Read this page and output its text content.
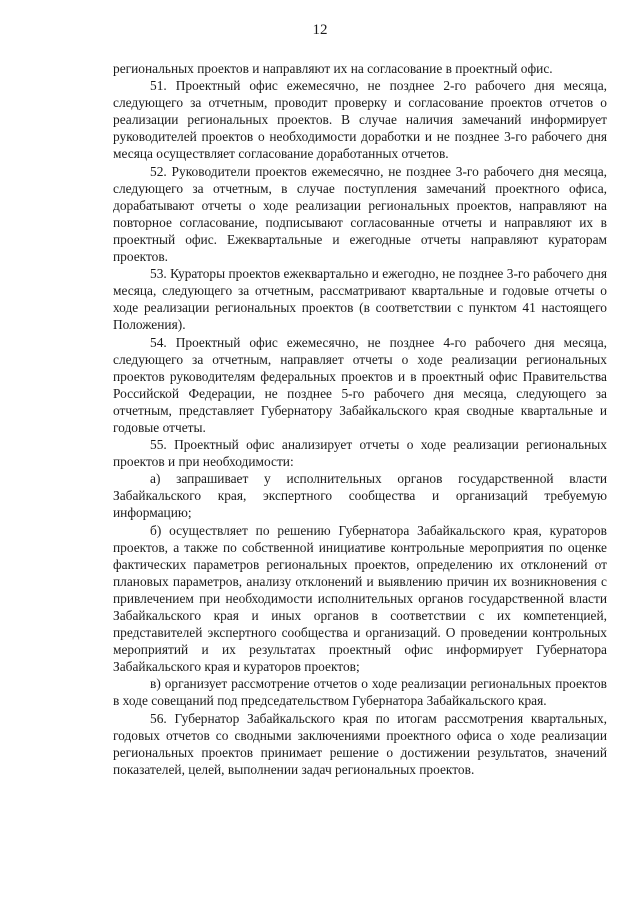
12

региональных проектов и направляют их на согласование в проектный офис.

51. Проектный офис ежемесячно, не позднее 2-го рабочего дня месяца, следующего за отчетным, проводит проверку и согласование проектов отчетов о реализации региональных проектов. В случае наличия замечаний информирует руководителей проектов о необходимости доработки и не позднее 3-го рабочего дня месяца осуществляет согласование доработанных отчетов.

52. Руководители проектов ежемесячно, не позднее 3-го рабочего дня месяца, следующего за отчетным, в случае поступления замечаний проектного офиса, дорабатывают отчеты о ходе реализации региональных проектов, направляют на повторное согласование, подписывают согласованные отчеты и направляют их в проектный офис. Ежеквартальные и ежегодные отчеты направляют кураторам проектов.

53. Кураторы проектов ежеквартально и ежегодно, не позднее 3-го рабочего дня месяца, следующего за отчетным, рассматривают квартальные и годовые отчеты о ходе реализации региональных проектов (в соответствии с пунктом 41 настоящего Положения).

54. Проектный офис ежемесячно, не позднее 4-го рабочего дня месяца, следующего за отчетным, направляет отчеты о ходе реализации региональных проектов руководителям федеральных проектов и в проектный офис Правительства Российской Федерации, не позднее 5-го рабочего дня месяца, следующего за отчетным, представляет Губернатору Забайкальского края сводные квартальные и годовые отчеты.

55. Проектный офис анализирует отчеты о ходе реализации региональных проектов и при необходимости:

а) запрашивает у исполнительных органов государственной власти Забайкальского края, экспертного сообщества и организаций требуемую информацию;

б) осуществляет по решению Губернатора Забайкальского края, кураторов проектов, а также по собственной инициативе контрольные мероприятия по оценке фактических параметров региональных проектов, определению их отклонений от плановых параметров, анализу отклонений и выявлению причин их возникновения с привлечением при необходимости исполнительных органов государственной власти Забайкальского края и иных органов в соответствии с их компетенцией, представителей экспертного сообщества и организаций. О проведении контрольных мероприятий и их результатах проектный офис информирует Губернатора Забайкальского края и кураторов проектов;

в) организует рассмотрение отчетов о ходе реализации региональных проектов в ходе совещаний под председательством Губернатора Забайкальского края.

56. Губернатор Забайкальского края по итогам рассмотрения квартальных, годовых отчетов со сводными заключениями проектного офиса о ходе реализации региональных проектов принимает решение о достижении результатов, значений показателей, целей, выполнении задач региональных проектов.
